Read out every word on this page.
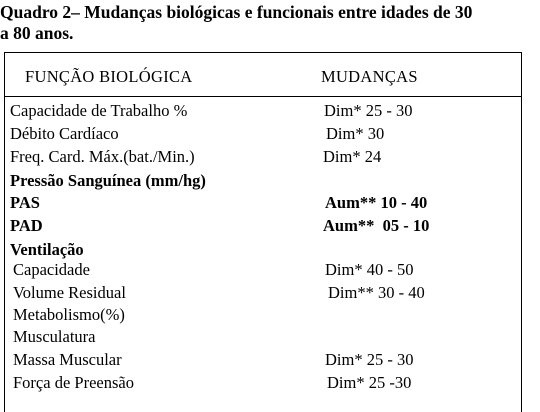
Quadro 2– Mudanças biológicas e funcionais entre idades de 30
a 80 anos.
FUNÇÃO BIOLÓGICA	MUDANÇAS
Capacidade de Trabalho %	Dim* 25 - 30
Débito Cardíaco	Dim* 30
Freq. Card. Máx.(bat./Min.)	Dim* 24
Pressão Sanguínea (mm/hg)
PAS	Aum** 10 - 40
PAD	Aum**  05 - 10
Ventilação
Capacidade	Dim* 40 - 50
Volume Residual	Dim** 30 - 40
Metabolismo(%)
Musculatura
Massa Muscular	Dim* 25 - 30
Força de Preensão	Dim* 25 -30
